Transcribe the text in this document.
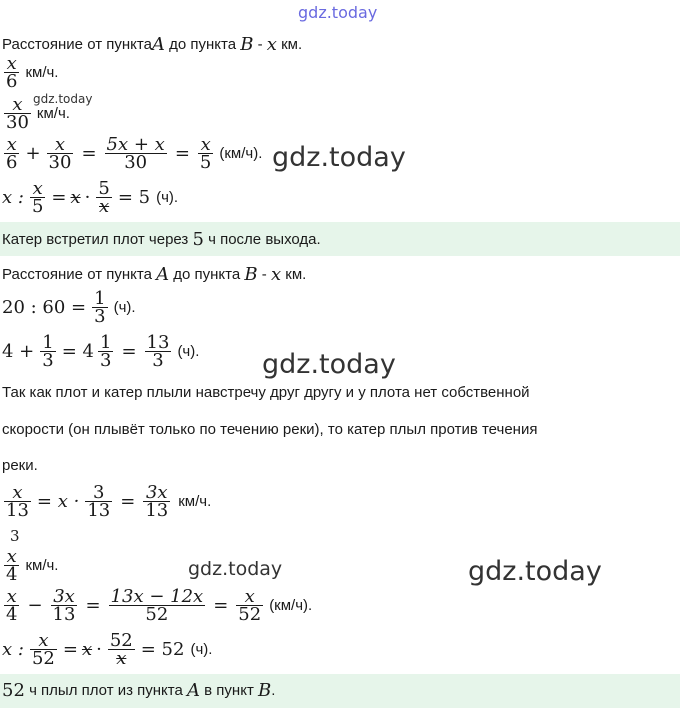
gdz.today
gdz.today
gdz.today
gdz.today
gdz.today	gdz.today
Расстояние от пункта A до пункта B - x км.
$\frac{x}{6} км/ч$.
$\frac{x}{30} км/ч$.
$\frac{x}{6} + \frac{x}{30} = \frac{5x + x}{30} = \frac{x}{5} (км/ч)$.
x : $\frac{x}{5} = x \cdot \frac{5}{x} = 5$ (ч).
Катер встретил плот через 5 ч после выхода.
Расстояние от пункта A до пункта B - x км.
20 : $60 = \frac{1}{3} (ч)$.
$4 + \frac{1}{3} = 4 \frac{1}{3} = \frac{13}{3} (ч)$.
Так как плот и катер плыли навстречу друг другу и у плота нет собственной
скорости (он плывёт только по течению реки), то катер плыл против течения
реки.
$\frac{x}{13} = x \cdot \frac{3}{13} = \frac{3x}{13} км/ч$.
3
$\frac{x}{4} км/ч$.
$\frac{x}{4} - \frac{3x}{13} = \frac{13x - 12x}{52} = \frac{x}{52} (км/ч)$.
x : $\frac{x}{52} = x \cdot \frac{52}{x} = 52$ (ч).
52 ч плыл плот из пункта A в пункт B .
